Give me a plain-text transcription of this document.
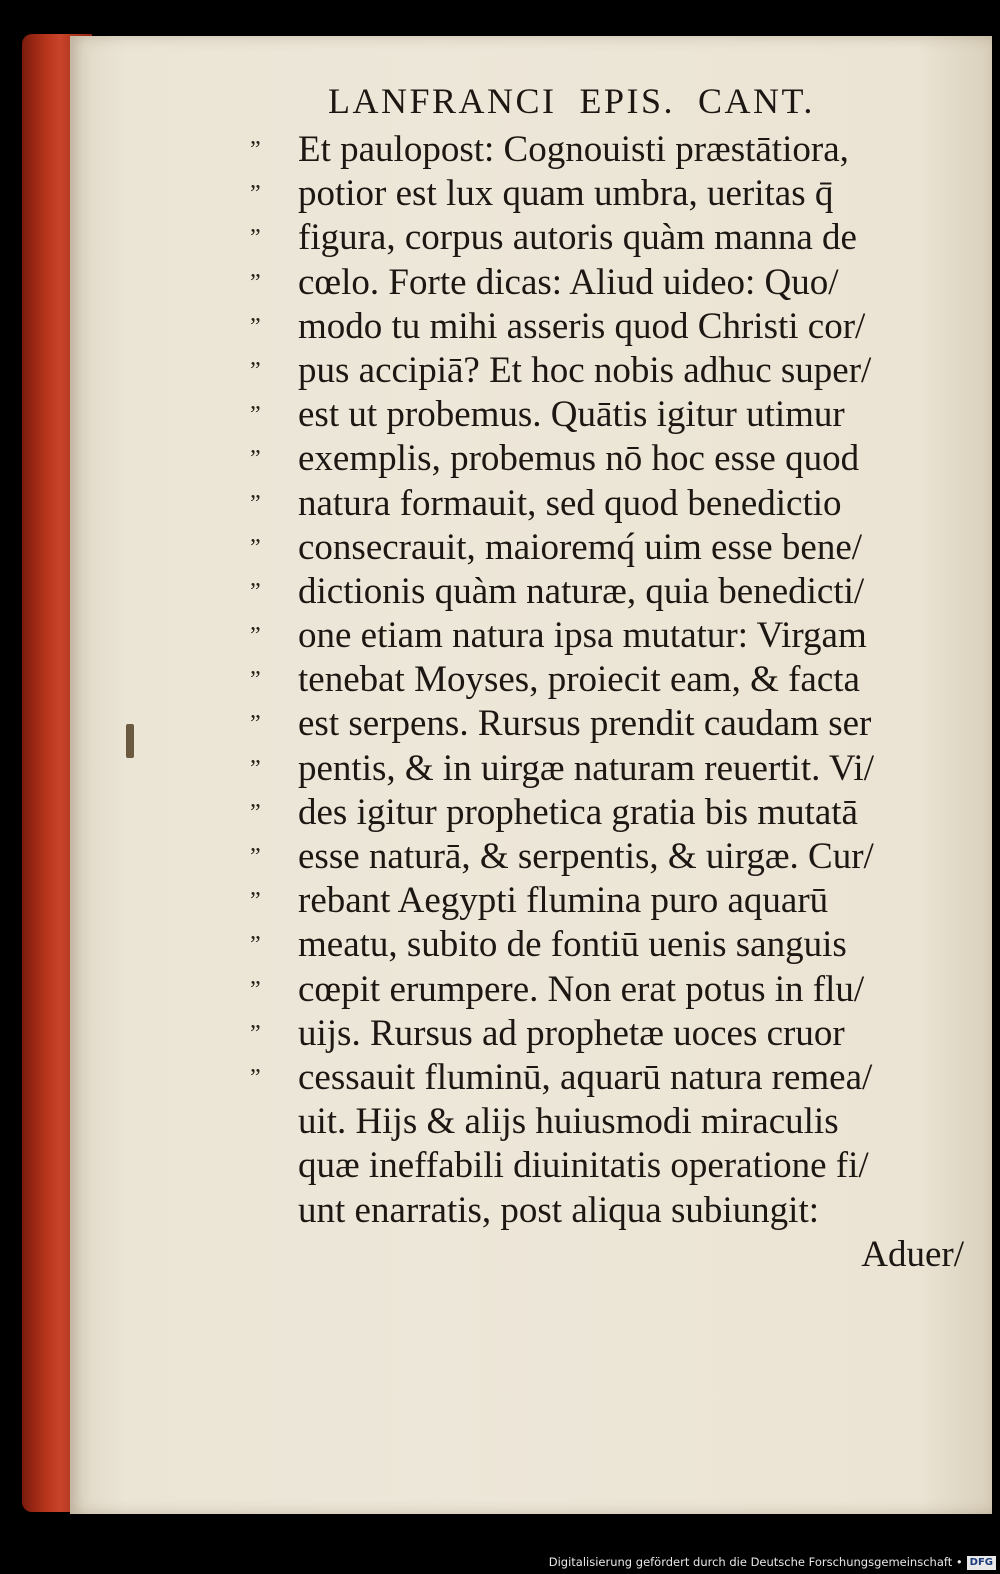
LANFRANCI  EPIS.  CANT.
”	Et paulopost: Cognouisti præstātiora,
”	potior est lux quam umbra, ueritas q̄
”	figura, corpus autoris quàm manna de
”	cœlo. Forte dicas: Aliud uideo: Quo/
”	modo tu mihi asseris quod Christi cor/
”	pus accipiā? Et hoc nobis adhuc super/
”	est ut probemus. Quātis igitur utimur
”	exemplis, probemus nō hoc esse quod
”	natura formauit, sed quod benedictio
”	consecrauit, maioremq́ uim esse bene/
”	dictionis quàm naturæ, quia benedicti/
”	one etiam natura ipsa mutatur: Virgam
”	tenebat Moyses, proiecit eam, & facta
”	est serpens. Rursus prendit caudam ser
”	pentis, & in uirgæ naturam reuertit. Vi/
”	des igitur prophetica gratia bis mutatā
”	esse naturā, & serpentis, & uirgæ. Cur/
”	rebant Aegypti flumina puro aquarū
”	meatu, subito de fontiū uenis sanguis
”	cœpit erumpere. Non erat potus in flu/
”	uijs. Rursus ad prophetæ uoces cruor
”	cessauit fluminū, aquarū natura remea/
uit. Hijs & alijs huiusmodi miraculis
quæ ineffabili diuinitatis operatione fi/
unt enarratis, post aliqua subiungit:
Aduer/
Digitalisierung gefördert durch die Deutsche Forschungsgemeinschaft • DFG
